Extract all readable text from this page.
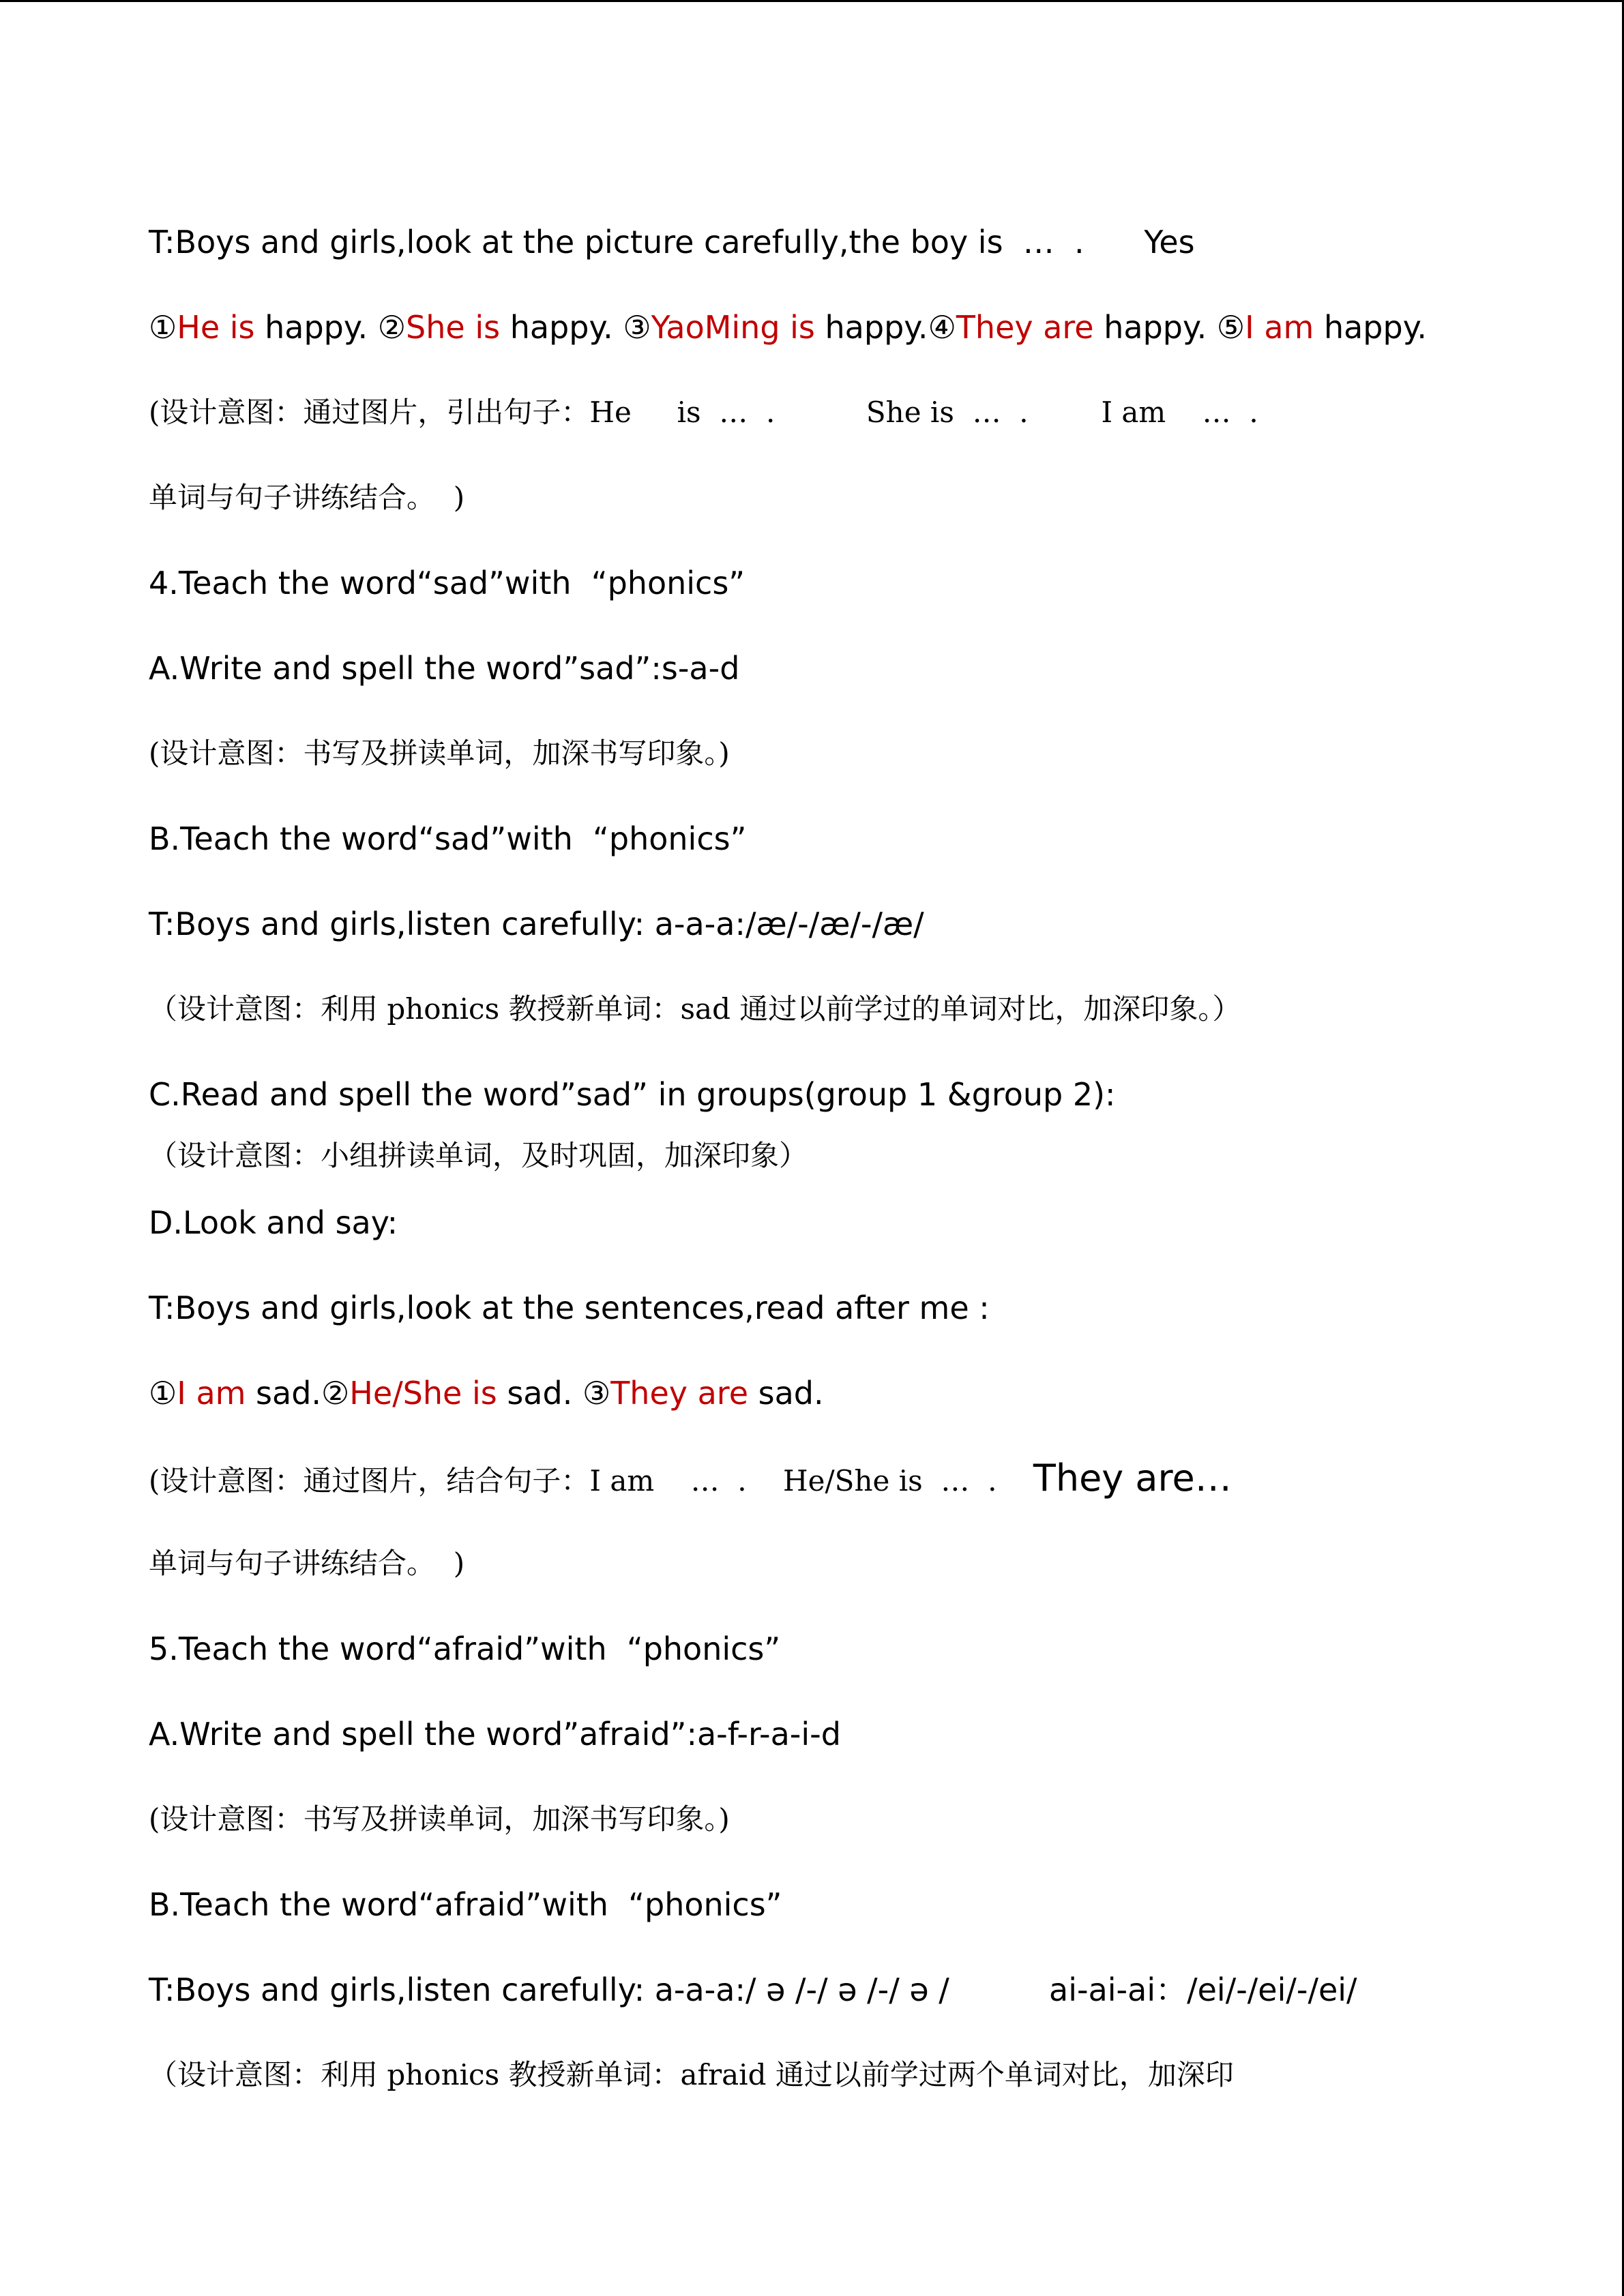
T:Boys and girls,look at the picture carefully,the boy is  …  .      Yes
①He is happy. ②She is happy. ③YaoMing is happy.④They are happy. ⑤I am happy.
(设计意图：通过图片，引出句子：He     is  …  .          She is  …  .        I am    …  .
单词与句子讲练结合。  )
4.Teach the word“sad”with  “phonics”
A.Write and spell the word”sad”:s-a-d
(设计意图：书写及拼读单词，加深书写印象。)
B.Teach the word“sad”with  “phonics”
T:Boys and girls,listen carefully: a-a-a:/æ/-/æ/-/æ/
（设计意图：利用 phonics 教授新单词：sad 通过以前学过的单词对比，加深印象。）
C.Read and spell the word”sad” in groups(group 1 &group 2):
（设计意图：小组拼读单词，及时巩固，加深印象）
D.Look and say:
T:Boys and girls,look at the sentences,read after me :
①I am sad.②He/She is sad. ③They are sad.
(设计意图：通过图片，结合句子：I am    …  .    He/She is  …  .    They are…
单词与句子讲练结合。  )
5.Teach the word“afraid”with  “phonics”
A.Write and spell the word”afraid”:a-f-r-a-i-d
(设计意图：书写及拼读单词，加深书写印象。)
B.Teach the word“afraid”with  “phonics”
T:Boys and girls,listen carefully: a-a-a:/ ə /-/ ə /-/ ə /          ai-ai-ai：/ei/-/ei/-/ei/
（设计意图：利用 phonics 教授新单词：afraid 通过以前学过两个单词对比，加深印
